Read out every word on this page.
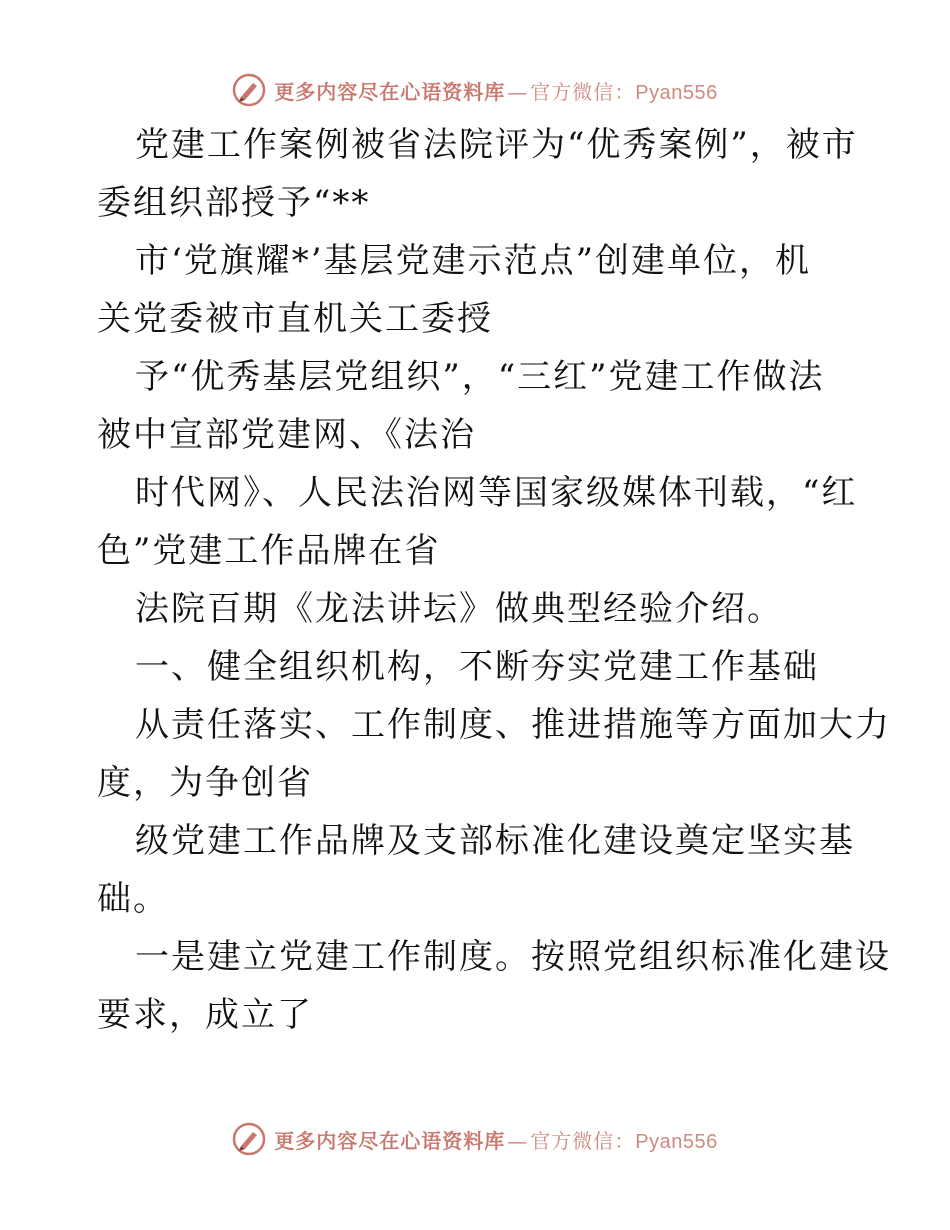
更多内容尽在心语资料库 — 官方微信： Pyan556
党建工作案例被省法院评为“优秀案例”，被市
委组织部授予“**
市‘党旗耀*’基层党建示范点”创建单位，机
关党委被市直机关工委授
予“优秀基层党组织”，“三红”党建工作做法
被中宣部党建网、《法治
时代网》、人民法治网等国家级媒体刊载，“红
色”党建工作品牌在省
法院百期《龙法讲坛》做典型经验介绍。
一、健全组织机构，不断夯实党建工作基础
从责任落实、工作制度、推进措施等方面加大力
度，为争创省
级党建工作品牌及支部标准化建设奠定坚实基
础。
一是建立党建工作制度。按照党组织标准化建设
要求，成立了
更多内容尽在心语资料库 — 官方微信： Pyan556
